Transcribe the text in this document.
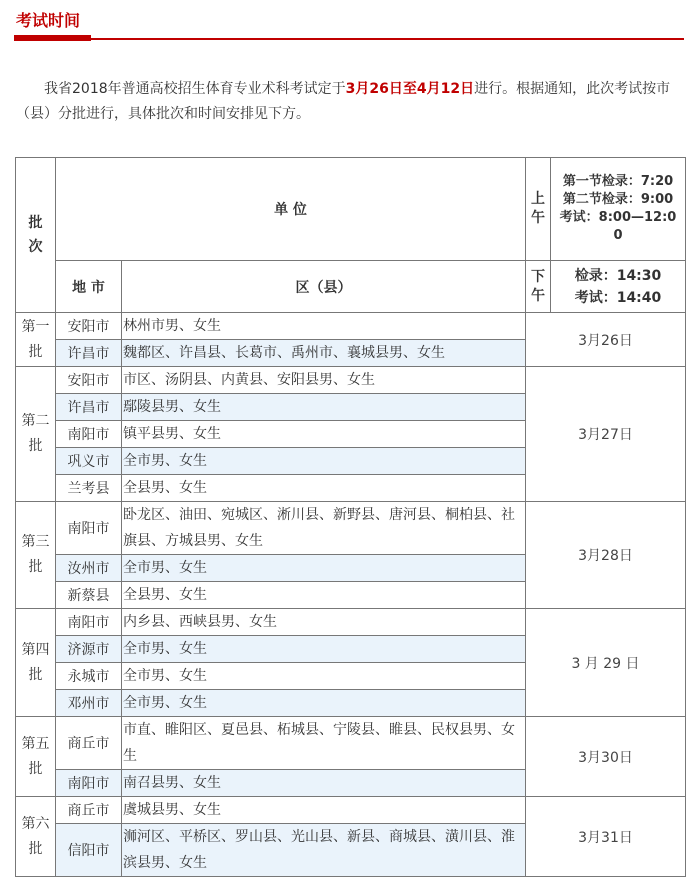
考试时间

我省2018年普通高校招生体育专业术科考试定于3月26日至4月12日进行。根据通知，此次考试按市（县）分批进行，具体批次和时间安排见下方。

批次	单 位		上午	第一节检录：7:20
第二节检录：9:00
考试：8:00—12:00

	地 市	区（县）	下午	检录：14:30
考试：14:40

第一批	安阳市	林州市男、女生	3月26日	
	许昌市	魏都区、许昌县、长葛市、禹州市、襄城县男、女生		
第二批	安阳市	市区、汤阴县、内黄县、安阳县男、女生	3月27日	
	许昌市	鄢陵县男、女生		
	南阳市	镇平县男、女生		
	巩义市	全市男、女生		
	兰考县	全县男、女生		
第三批	南阳市	卧龙区、油田、宛城区、淅川县、新野县、唐河县、桐柏县、社旗县、方城县男、女生	3月28日	
	汝州市	全市男、女生		
	新蔡县	全县男、女生		
第四批	南阳市	内乡县、西峡县男、女生	3 月 29 日	
	济源市	全市男、女生		
	永城市	全市男、女生		
	邓州市	全市男、女生		
第五批	商丘市	市直、睢阳区、夏邑县、柘城县、宁陵县、睢县、民权县男、女生	3月30日	
	南阳市	南召县男、女生		
第六批	商丘市	虞城县男、女生	3月31日	
	信阳市	浉河区、平桥区、罗山县、光山县、新县、商城县、潢川县、淮滨县男、女生		
